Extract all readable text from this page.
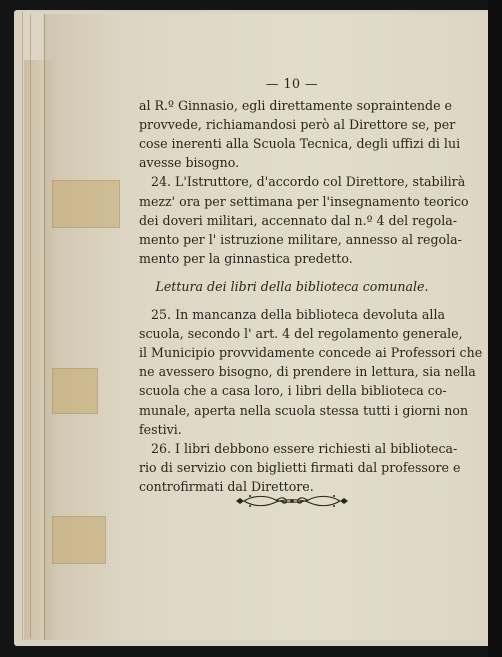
— 10 —
al R.º Ginnasio, egli direttamente sopraintende e
provvede, richiamandosi però al Direttore se, per
cose inerenti alla Scuola Tecnica, degli uffizi di lui
avesse bisogno.
24. L'Istruttore, d'accordo col Direttore, stabilirà
mezz' ora per settimana per l'insegnamento teorico
dei doveri militari, accennato dal n.º 4 del regola-
mento per l' istruzione militare, annesso al regola-
mento per la ginnastica predetto.
Lettura dei libri della biblioteca comunale.
25. In mancanza della biblioteca devoluta alla
scuola, secondo l' art. 4 del regolamento generale,
il Municipio provvidamente concede ai Professori che
ne avessero bisogno, di prendere in lettura, sia nella
scuola che a casa loro, i libri della biblioteca co-
munale, aperta nella scuola stessa tutti i giorni non
festivi.
26. I libri debbono essere richiesti al biblioteca-
rio di servizio con biglietti firmati dal professore e
controfirmati dal Direttore.
